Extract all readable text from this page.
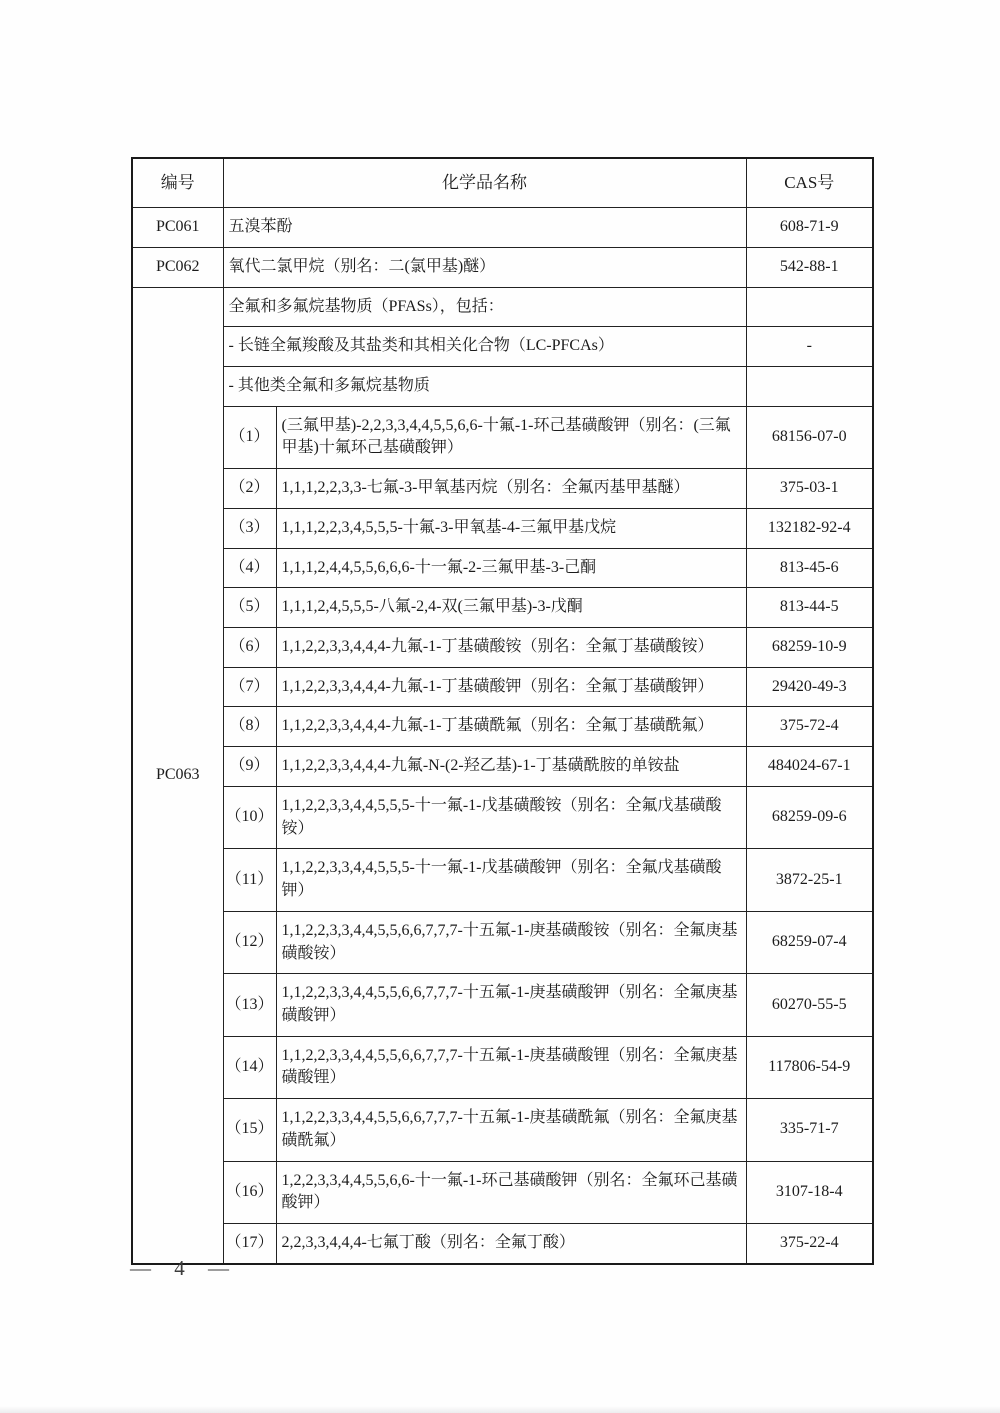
编号	化学品名称		CAS号
PC061	五溴苯酚		608-71-9
PC062	氧代二氯甲烷（别名：二(氯甲基)醚）		542-88-1
PC063	全氟和多氟烷基物质（PFASs），包括：		
	- 长链全氟羧酸及其盐类和其相关化合物（LC-PFCAs）		-
	- 其他类全氟和多氟烷基物质		
	（1）	(三氟甲基)-2,2,3,3,4,4,5,5,6,6-十氟-1-环己基磺酸钾（别名：(三氟甲基)十氟环己基磺酸钾）	68156-07-0
	（2）	1,1,1,2,2,3,3-七氟-3-甲氧基丙烷（别名：全氟丙基甲基醚）	375-03-1
	（3）	1,1,1,2,2,3,4,5,5,5-十氟-3-甲氧基-4-三氟甲基戊烷	132182-92-4
	（4）	1,1,1,2,4,4,5,5,6,6,6-十一氟-2-三氟甲基-3-己酮	813-45-6
	（5）	1,1,1,2,4,5,5,5-八氟-2,4-双(三氟甲基)-3-戊酮	813-44-5
	（6）	1,1,2,2,3,3,4,4,4-九氟-1-丁基磺酸铵（别名：全氟丁基磺酸铵）	68259-10-9
	（7）	1,1,2,2,3,3,4,4,4-九氟-1-丁基磺酸钾（别名：全氟丁基磺酸钾）	29420-49-3
	（8）	1,1,2,2,3,3,4,4,4-九氟-1-丁基磺酰氟（别名：全氟丁基磺酰氟）	375-72-4
	（9）	1,1,2,2,3,3,4,4,4-九氟-N-(2-羟乙基)-1-丁基磺酰胺的单铵盐	484024-67-1
	（10）	1,1,2,2,3,3,4,4,5,5,5-十一氟-1-戊基磺酸铵（别名：全氟戊基磺酸铵）	68259-09-6
	（11）	1,1,2,2,3,3,4,4,5,5,5-十一氟-1-戊基磺酸钾（别名：全氟戊基磺酸钾）	3872-25-1
	（12）	1,1,2,2,3,3,4,4,5,5,6,6,7,7,7-十五氟-1-庚基磺酸铵（别名：全氟庚基磺酸铵）	68259-07-4
	（13）	1,1,2,2,3,3,4,4,5,5,6,6,7,7,7-十五氟-1-庚基磺酸钾（别名：全氟庚基磺酸钾）	60270-55-5
	（14）	1,1,2,2,3,3,4,4,5,5,6,6,7,7,7-十五氟-1-庚基磺酸锂（别名：全氟庚基磺酸锂）	117806-54-9
	（15）	1,1,2,2,3,3,4,4,5,5,6,6,7,7,7-十五氟-1-庚基磺酰氟（别名：全氟庚基磺酰氟）	335-71-7
	（16）	1,2,2,3,3,4,4,5,5,6,6-十一氟-1-环己基磺酸钾（别名：全氟环己基磺酸钾）	3107-18-4
	（17）	2,2,3,3,4,4,4-七氟丁酸（别名：全氟丁酸）	375-22-4
— 4 —
